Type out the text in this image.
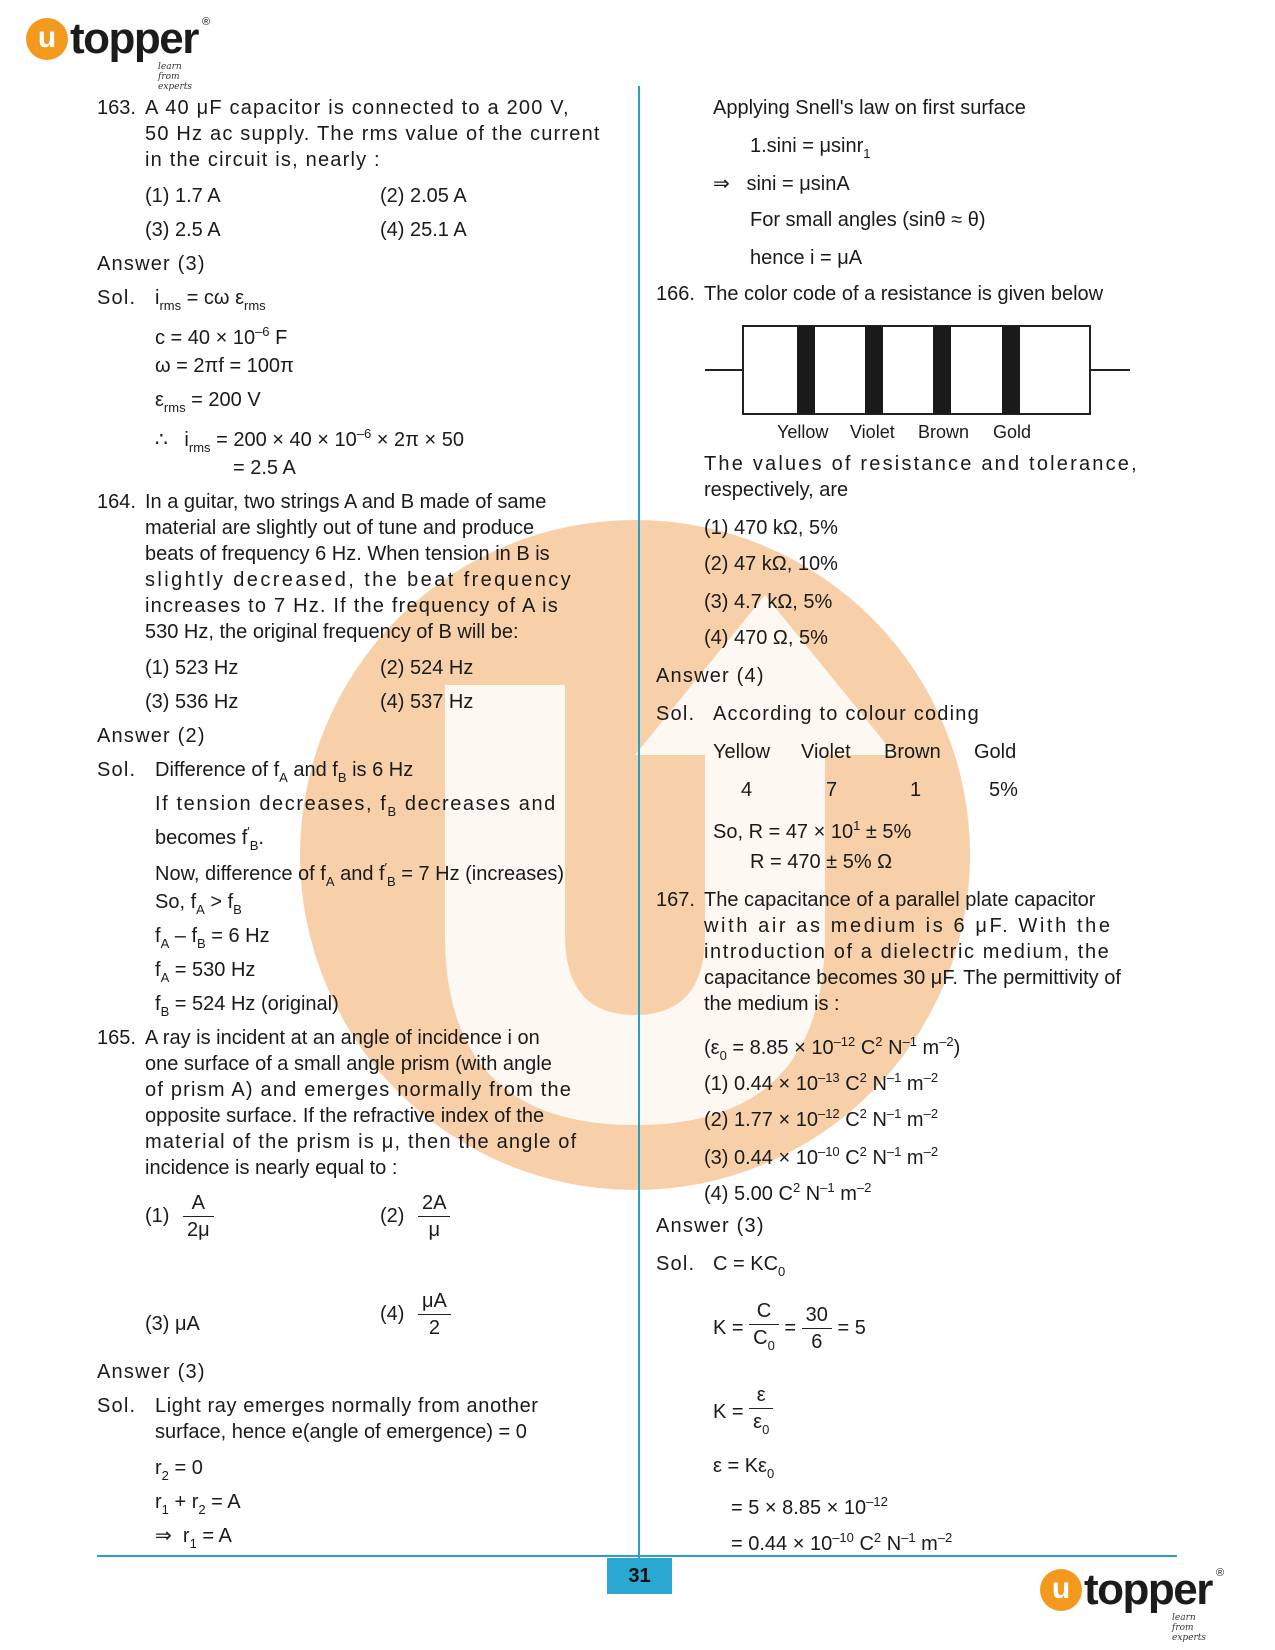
u topper ®
learn from experts
163. A 40 μF capacitor is connected to a 200 V,
50 Hz ac supply. The rms value of the current
in the circuit is, nearly :
(1) 1.7 A	(2) 2.05 A
(3) 2.5 A	(4) 25.1 A
Answer (3)
Sol. $i_{rms} = c\omega$ $\varepsilon_{rms}$
$c = 40 \times 10^{-6}$ F
ω = 2πf = 100π
$\varepsilon_{rms} = 200$ V
∴ $i_{rms} = 200 \times 40 \times 10^{-6} \times 2\pi \times 50$
= 2.5 A
164. In a guitar, two strings A and B made of same
material are slightly out of tune and produce
beats of frequency 6 Hz. When tension in B is
slightly decreased, the beat frequency
increases to 7 Hz. If the frequency of A is
530 Hz, the original frequency of B will be:
(1) 523 Hz	(2) 524 Hz
(3) 536 Hz	(4) 537 Hz
Answer (2)
Sol. Difference of $f_A$ and $f_B$ is 6 Hz
If tension decreases, $f_B$ decreases and
becomes $f'_B$.
Now, difference of $f_A$ and $f'_B = 7$ Hz (increases)
So, $f_A > f_B$
$f_A - f_B = 6$ Hz
$f_A = 530$ Hz
$f_B = 524$ Hz (original)
165. A ray is incident at an angle of incidence i on
one surface of a small angle prism (with angle
of prism A) and emerges normally from the
opposite surface. If the refractive index of the
material of the prism is μ, then the angle of
incidence is nearly equal to :
$(1) \frac{A}{2\mu}$	$(2) \frac{2A}{\mu}$
(3) μA	$(4) \frac{\mu A}{2}$
Answer (3)
Sol. Light ray emerges normally from another
surface, hence e(angle of emergence) = 0
$r_2 = 0$
$r_1 + r_2 = A$
⇒ $r_1 = A$
Applying Snell's law on first surface
1.sini = μsinr$_1$
⇒ sini = μsinA
For small angles (sinθ ≈ θ)
hence i = μA
166. The color code of a resistance is given below
Yellow Violet Brown Gold
The values of resistance and tolerance,
respectively, are
(1) 470 kΩ, 5%
(2) 47 kΩ, 10%
(3) 4.7 kΩ, 5%
(4) 470 Ω, 5%
Answer (4)
Sol. According to colour coding
Yellow Violet Brown Gold
4	7	1	5%
So, $R = 47 \times 10^1 \pm 5\%$
R = 470 ± 5% Ω
167. The capacitance of a parallel plate capacitor
with air as medium is 6 μF. With the
introduction of a dielectric medium, the
capacitance becomes 30 μF. The permittivity of
the medium is :
($\varepsilon_0 = 8.85 \times 10^{-12}$ $C^2$ $N^{-1}$ $m^{-2}$)
(1) $0.44 \times 10^{-13}$ $C^2$ $N^{-1}$ $m^{-2}$
(2) $1.77 \times 10^{-12}$ $C^2$ $N^{-1}$ $m^{-2}$
(3) $0.44 \times 10^{-10}$ $C^2$ $N^{-1}$ $m^{-2}$
(4) 5.00 $C^2$ $N^{-1}$ $m^{-2}$
Answer (3)
Sol. $C = KC_0$
$K = \frac{C}{C_0} = \frac{30}{6} = 5$
$K = \frac{\varepsilon}{\varepsilon_0}$
$\varepsilon = K\varepsilon_0$
= $5 \times 8.85 \times 10^{-12}$
= $0.44 \times 10^{-10}$ $C^2$ $N^{-1}$ $m^{-2}$
31	u topper ®
learn from experts
